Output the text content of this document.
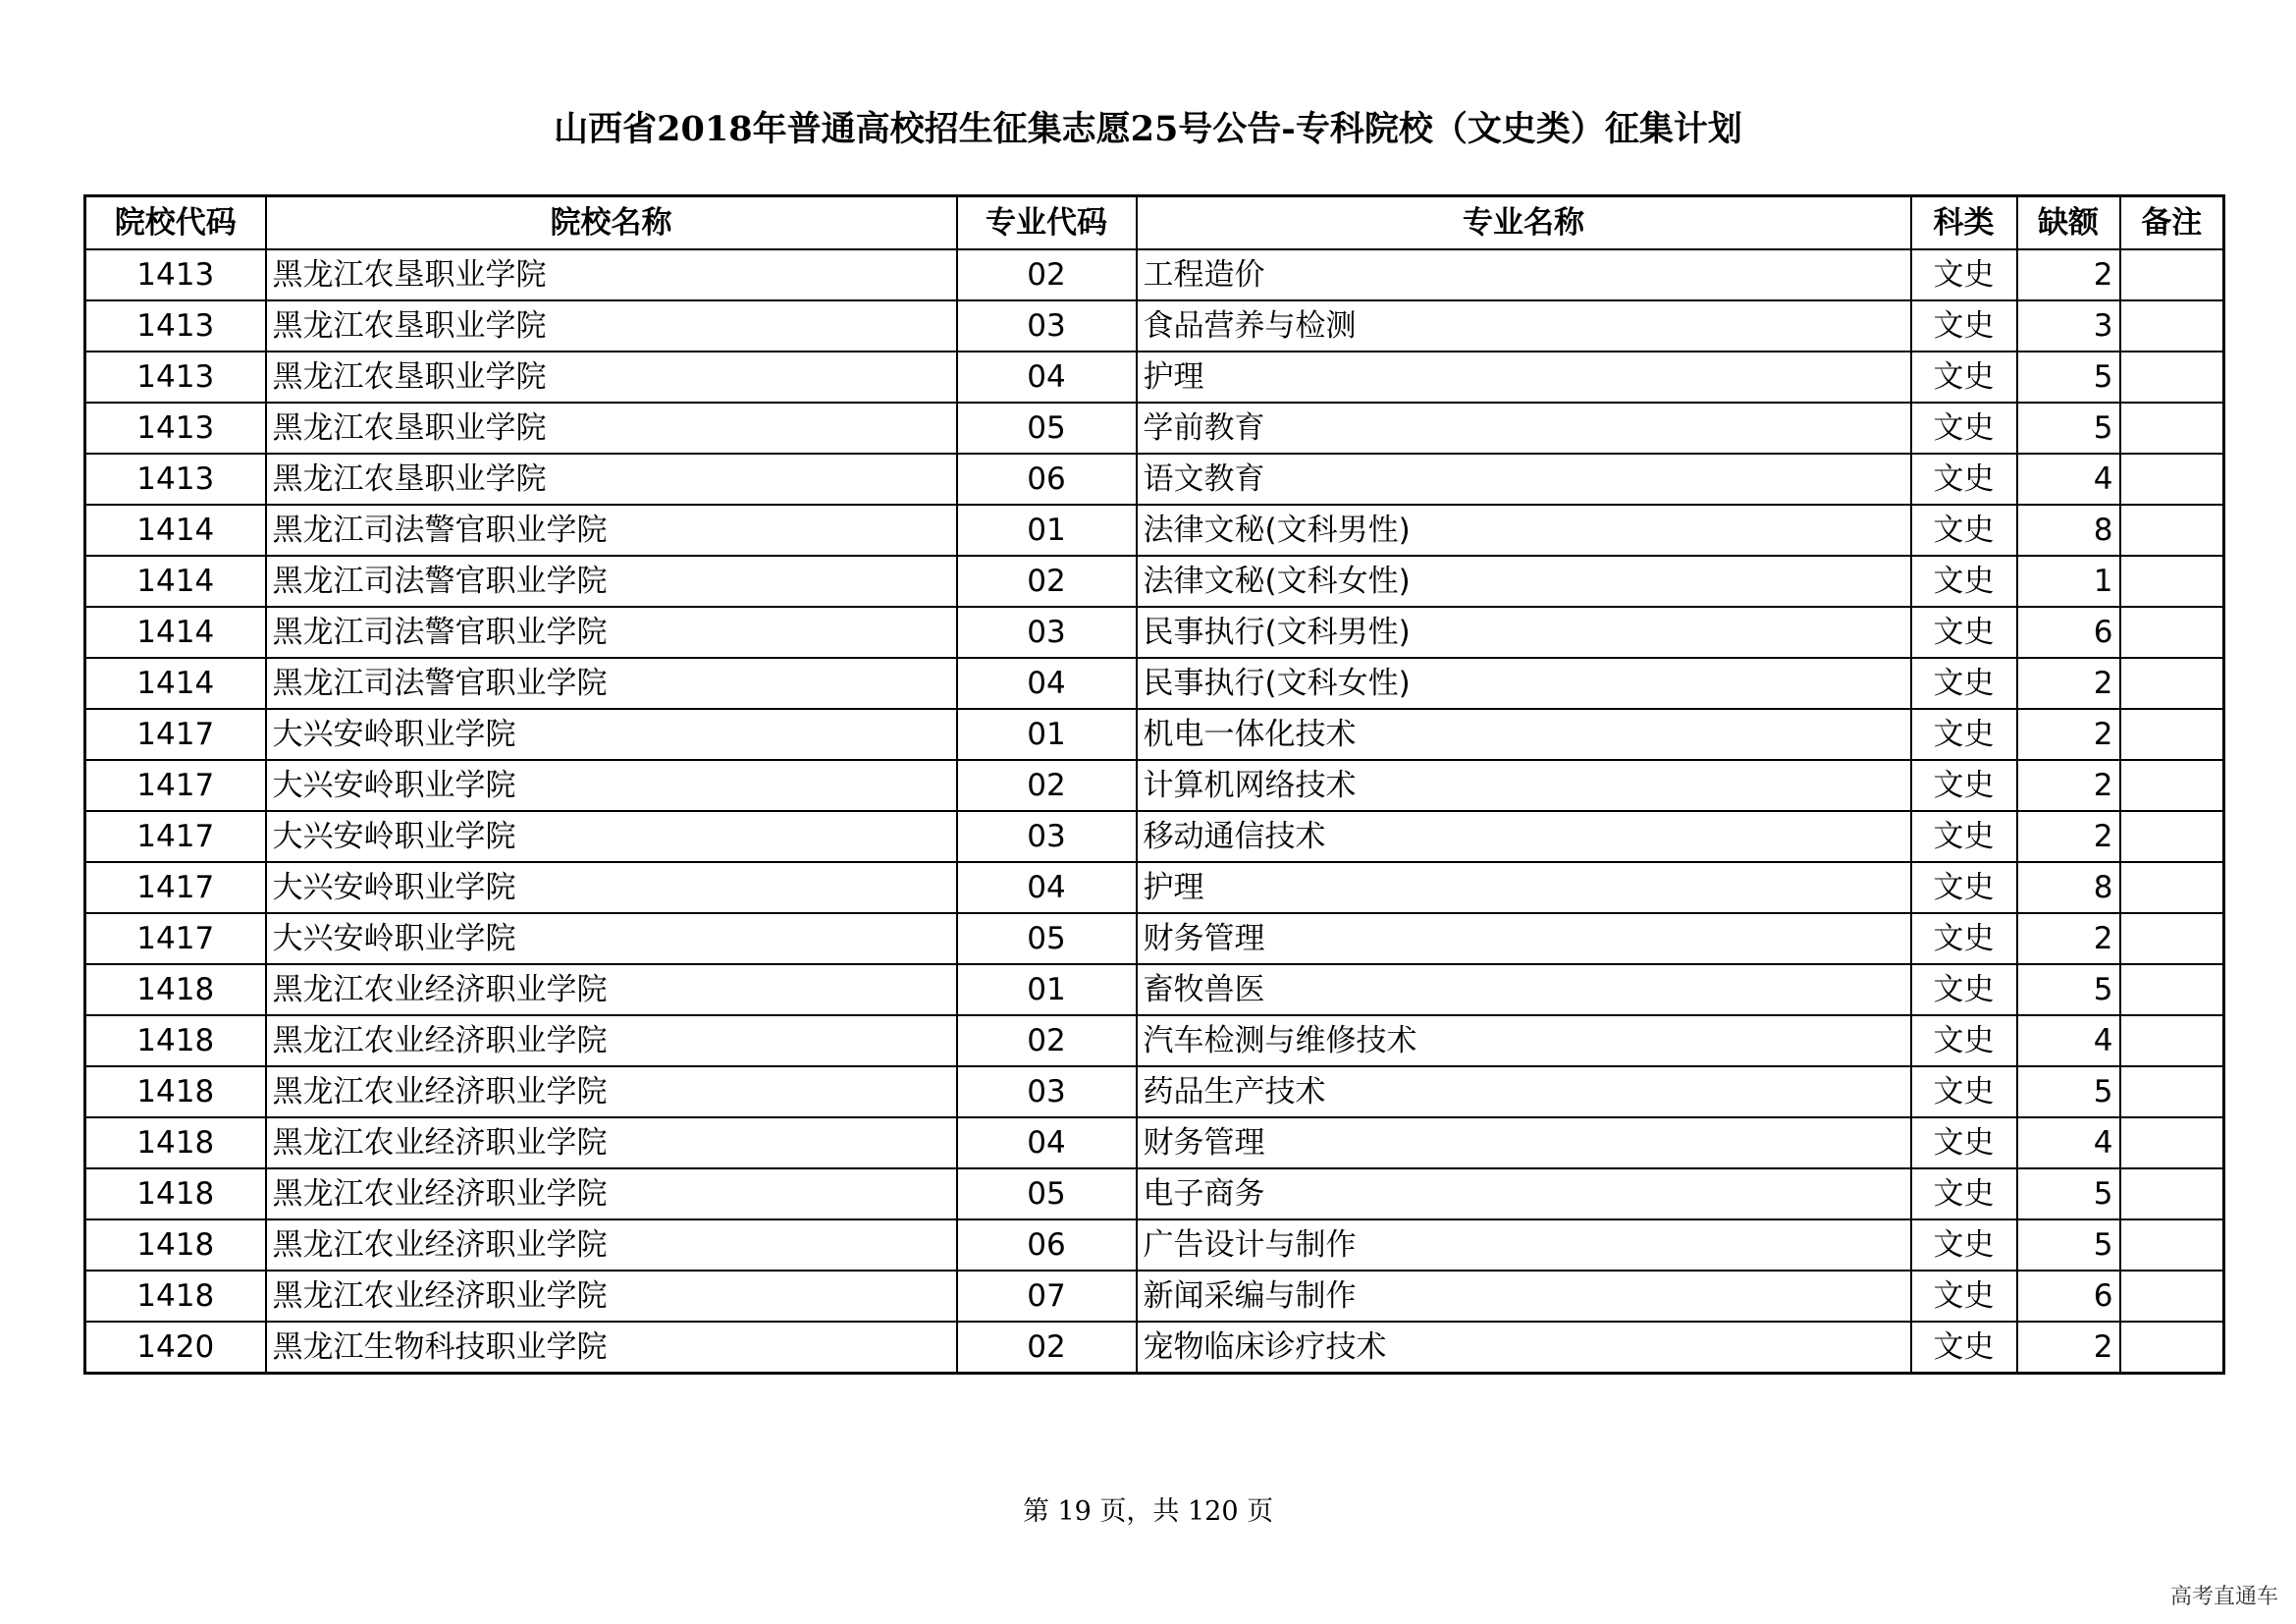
山西省2018年普通高校招生征集志愿25号公告-专科院校（文史类）征集计划
院校代码	院校名称	专业代码	专业名称	科类	缺额	备注
1413	黑龙江农垦职业学院	02	工程造价	文史	2	
1413	黑龙江农垦职业学院	03	食品营养与检测	文史	3	
1413	黑龙江农垦职业学院	04	护理	文史	5	
1413	黑龙江农垦职业学院	05	学前教育	文史	5	
1413	黑龙江农垦职业学院	06	语文教育	文史	4	
1414	黑龙江司法警官职业学院	01	法律文秘(文科男性)	文史	8	
1414	黑龙江司法警官职业学院	02	法律文秘(文科女性)	文史	1	
1414	黑龙江司法警官职业学院	03	民事执行(文科男性)	文史	6	
1414	黑龙江司法警官职业学院	04	民事执行(文科女性)	文史	2	
1417	大兴安岭职业学院	01	机电一体化技术	文史	2	
1417	大兴安岭职业学院	02	计算机网络技术	文史	2	
1417	大兴安岭职业学院	03	移动通信技术	文史	2	
1417	大兴安岭职业学院	04	护理	文史	8	
1417	大兴安岭职业学院	05	财务管理	文史	2	
1418	黑龙江农业经济职业学院	01	畜牧兽医	文史	5	
1418	黑龙江农业经济职业学院	02	汽车检测与维修技术	文史	4	
1418	黑龙江农业经济职业学院	03	药品生产技术	文史	5	
1418	黑龙江农业经济职业学院	04	财务管理	文史	4	
1418	黑龙江农业经济职业学院	05	电子商务	文史	5	
1418	黑龙江农业经济职业学院	06	广告设计与制作	文史	5	
1418	黑龙江农业经济职业学院	07	新闻采编与制作	文史	6	
1420	黑龙江生物科技职业学院	02	宠物临床诊疗技术	文史	2	
第 19 页，共 120 页
高考直通车
